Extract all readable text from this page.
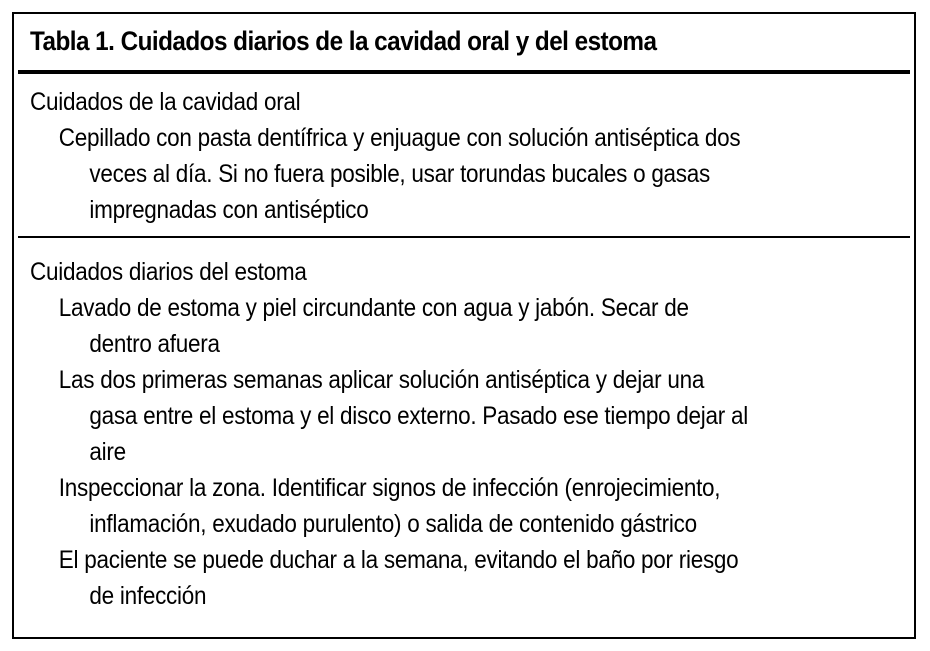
Tabla 1. Cuidados diarios de la cavidad oral y del estoma
Cuidados de la cavidad oral
Cepillado con pasta dentífrica y enjuague con solución antiséptica dos
veces al día. Si no fuera posible, usar torundas bucales o gasas
impregnadas con antiséptico
Cuidados diarios del estoma
Lavado de estoma y piel circundante con agua y jabón. Secar de
dentro afuera
Las dos primeras semanas aplicar solución antiséptica y dejar una
gasa entre el estoma y el disco externo. Pasado ese tiempo dejar al
aire
Inspeccionar la zona. Identificar signos de infección (enrojecimiento,
inflamación, exudado purulento) o salida de contenido gástrico
El paciente se puede duchar a la semana, evitando el baño por riesgo
de infección
